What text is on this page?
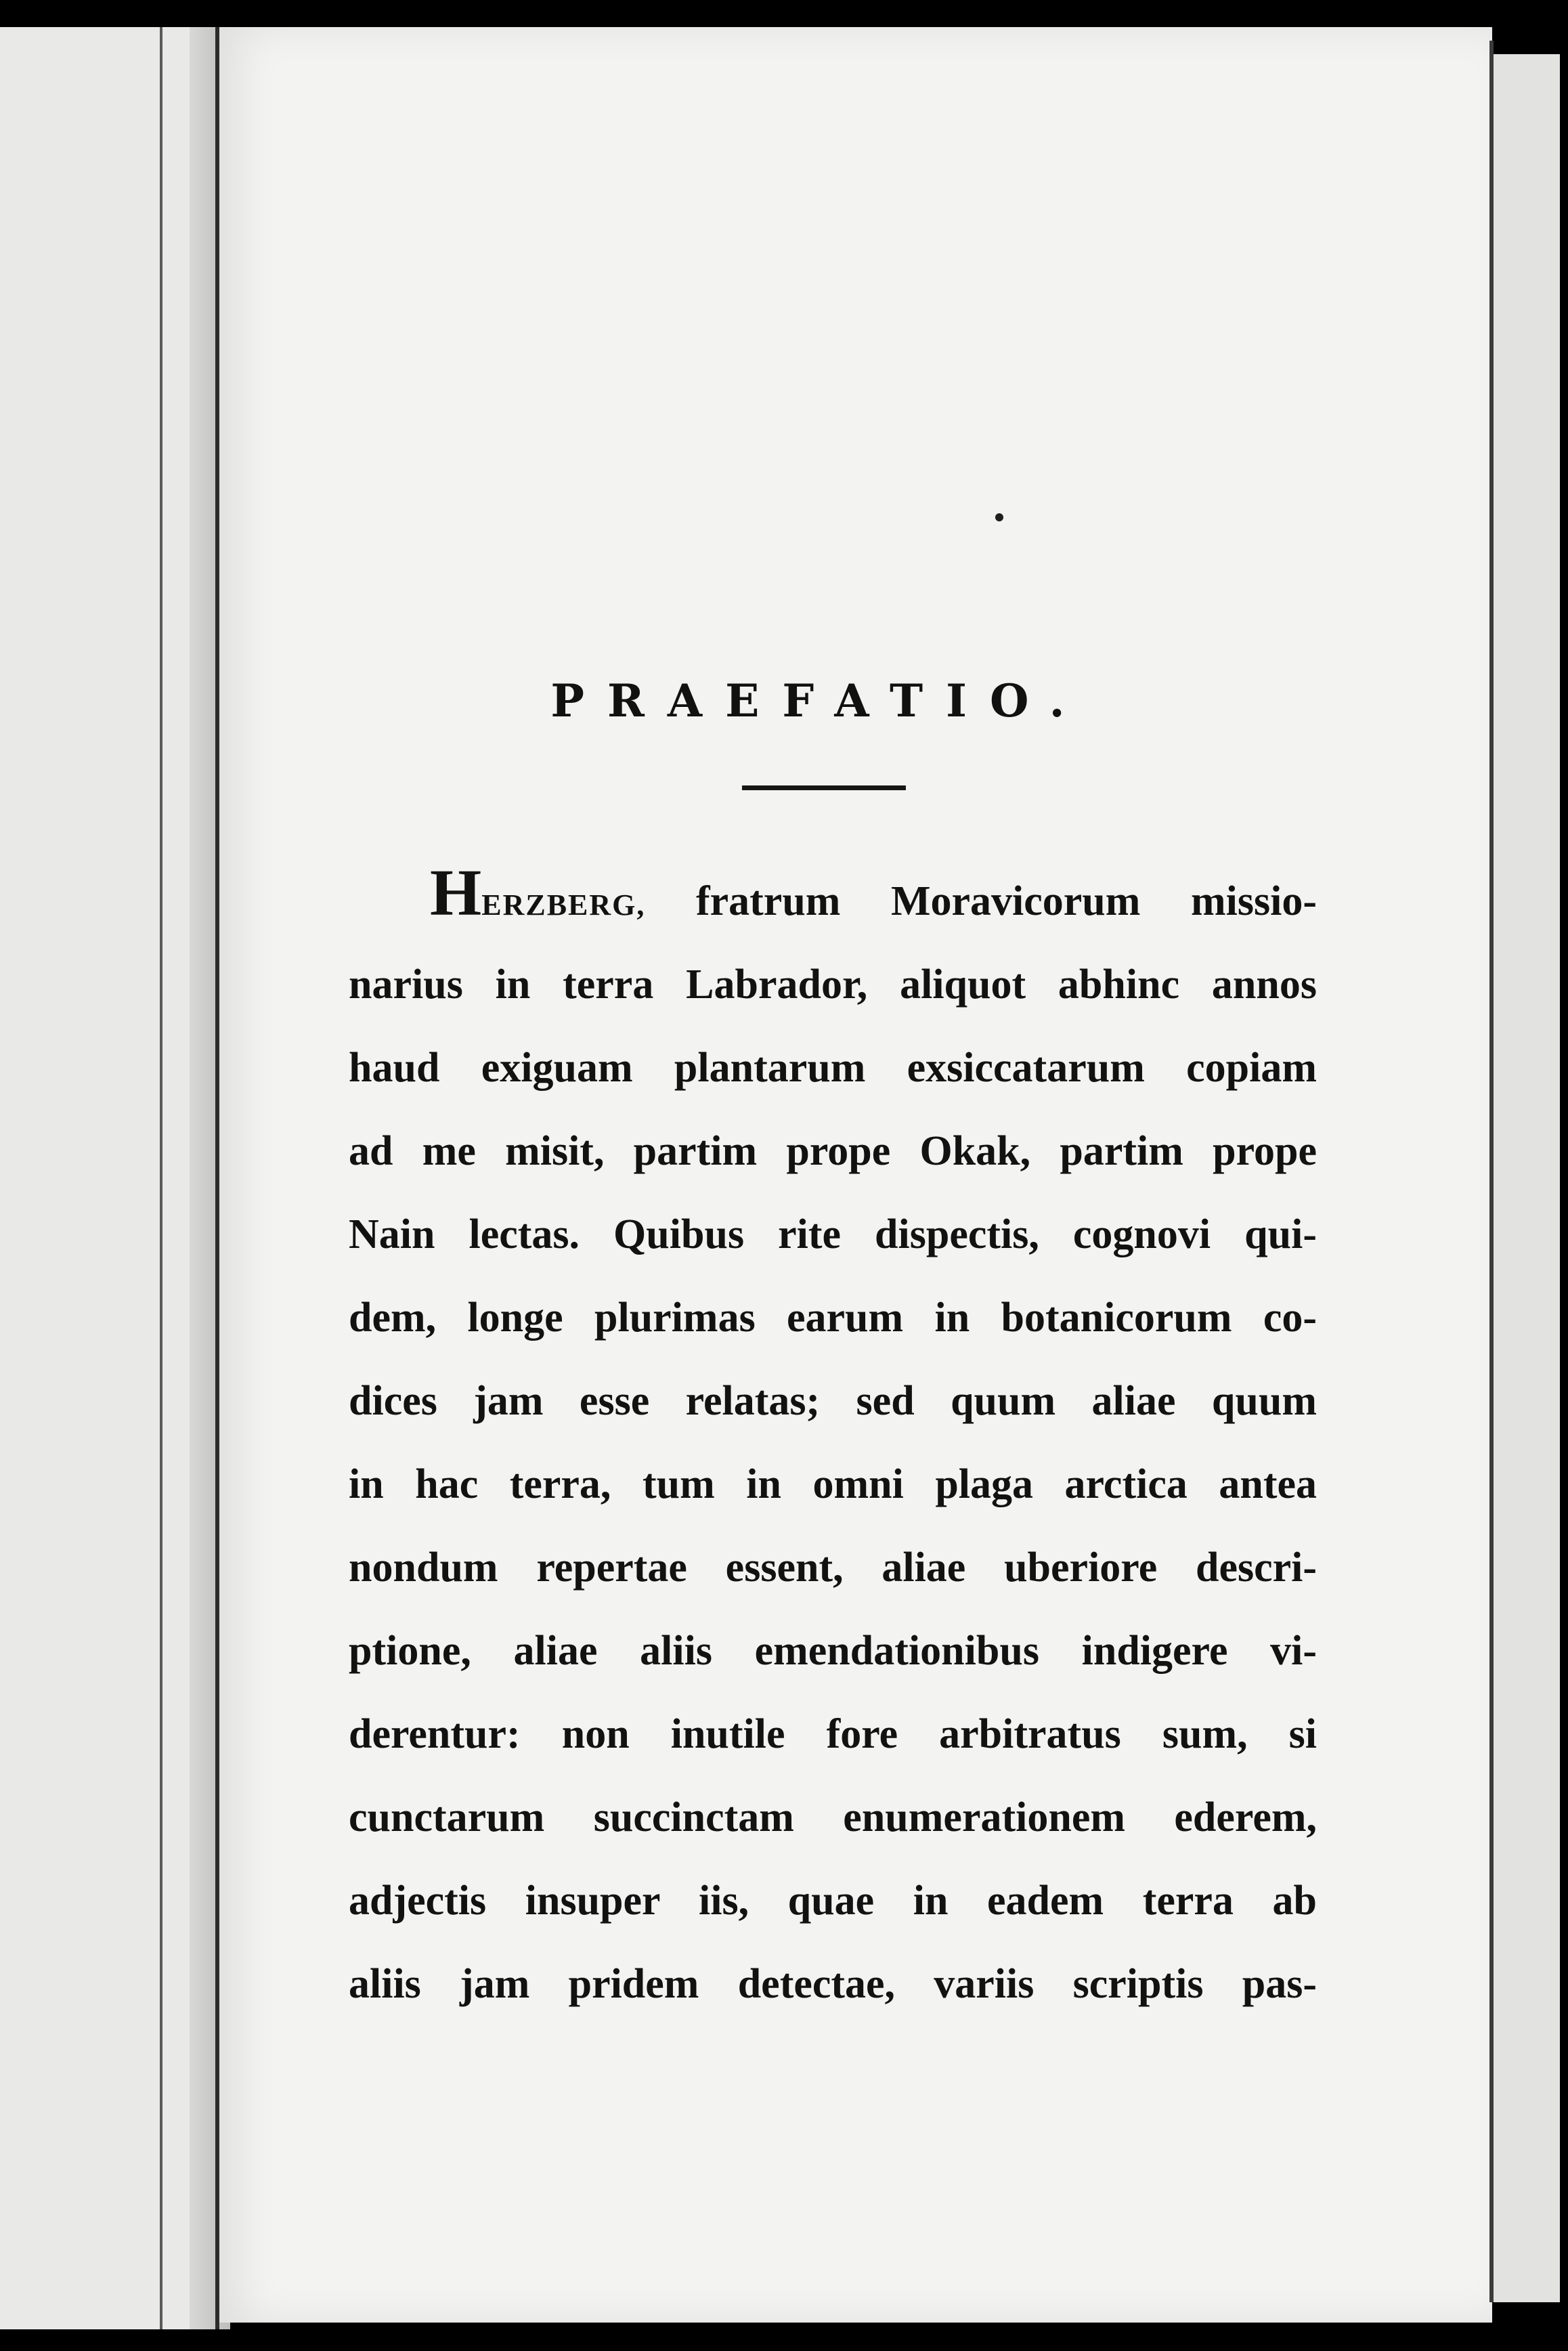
PRAEFATIO.
HERZBERG, fratrum Moravicorum missio-
narius in terra Labrador, aliquot abhinc annos
haud exiguam plantarum exsiccatarum copiam
ad me misit, partim prope Okak, partim prope
Nain lectas. Quibus rite dispectis, cognovi qui-
dem, longe plurimas earum in botanicorum co-
dices jam esse relatas; sed quum aliae quum
in hac terra, tum in omni plaga arctica antea
nondum repertae essent, aliae uberiore descri-
ptione, aliae aliis emendationibus indigere vi-
derentur: non inutile fore arbitratus sum, si
cunctarum succinctam enumerationem ederem,
adjectis insuper iis, quae in eadem terra ab
aliis jam pridem detectae, variis scriptis pas-
